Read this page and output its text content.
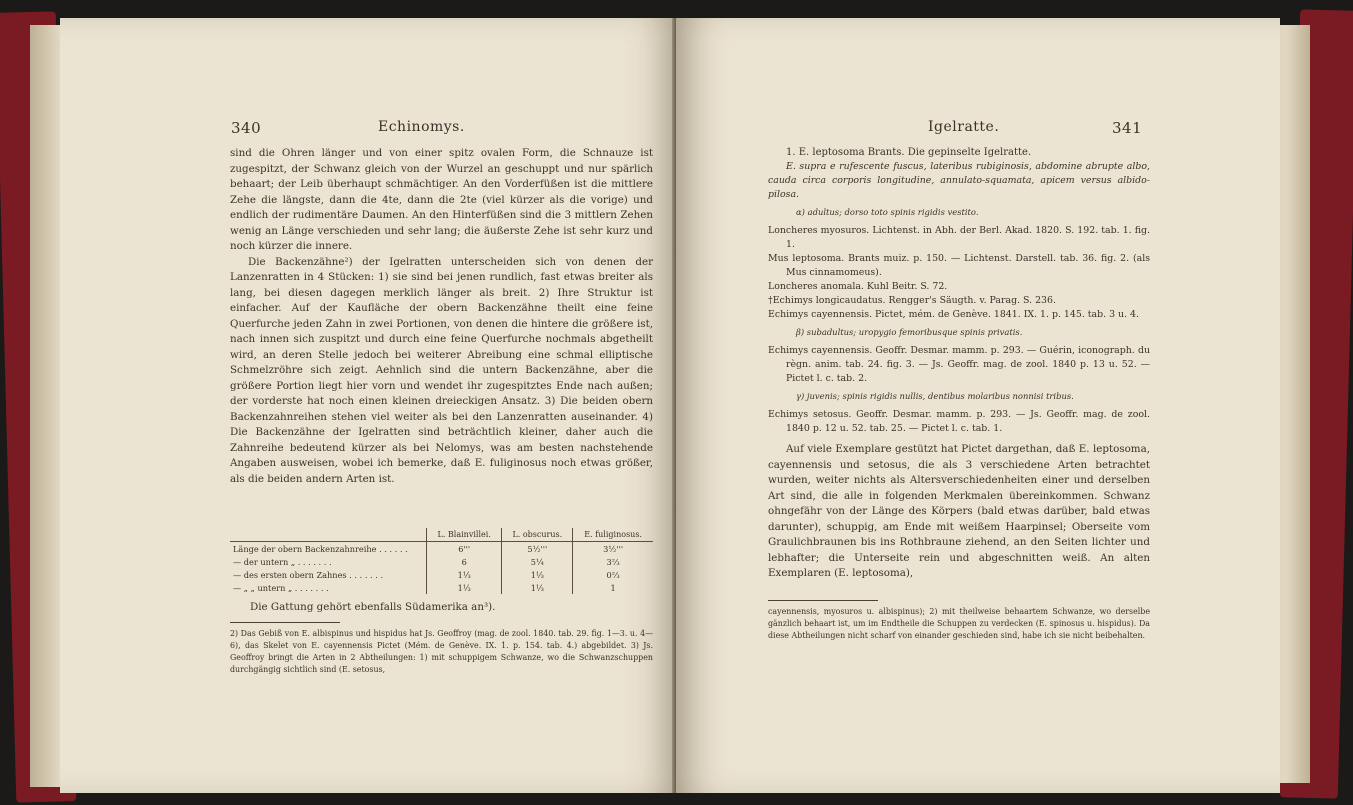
340	Echinomys.

sind die Ohren länger und von einer spitz ovalen Form, die Schnauze ist zugespitzt, der Schwanz gleich von der Wurzel an geschuppt und nur spärlich behaart; der Leib überhaupt schmächtiger. An den Vorderfüßen ist die mittlere Zehe die längste, dann die 4te, dann die 2te (viel kürzer als die vorige) und endlich der rudimentäre Daumen. An den Hinterfüßen sind die 3 mittlern Zehen wenig an Länge verschieden und sehr lang; die äußerste Zehe ist sehr kurz und noch kürzer die innere.

Die Backenzähne²) der Igelratten unterscheiden sich von denen der Lanzenratten in 4 Stücken: 1) sie sind bei jenen rundlich, fast etwas breiter als lang, bei diesen dagegen merklich länger als breit. 2) Ihre Struktur ist einfacher. Auf der Kaufläche der obern Backenzähne theilt eine feine Querfurche jeden Zahn in zwei Portionen, von denen die hintere die größere ist, nach innen sich zuspitzt und durch eine feine Querfurche nochmals abgetheilt wird, an deren Stelle jedoch bei weiterer Abreibung eine schmal elliptische Schmelzröhre sich zeigt. Aehnlich sind die untern Backenzähne, aber die größere Portion liegt hier vorn und wendet ihr zugespitztes Ende nach außen; der vorderste hat noch einen kleinen dreieckigen Ansatz. 3) Die beiden obern Backenzahnreihen stehen viel weiter als bei den Lanzenratten auseinander. 4) Die Backenzähne der Igelratten sind beträchtlich kleiner, daher auch die Zahnreihe bedeutend kürzer als bei Nelomys, was am besten nachstehende Angaben ausweisen, wobei ich bemerke, daß E. fuliginosus noch etwas größer, als die beiden andern Arten ist.

	L. Blainvillei.	L. obscurus.	E. fuliginosus.
Länge der obern Backenzahnreihe . . . . . .	6'''	5½'''	3½'''
— der untern „ . . . . . . .	6	5¼	3⅔
— des ersten obern Zahnes . . . . . . .	1⅓	1⅓	0⅔
— „ „ untern „ . . . . . . .	1⅓	1⅓	1
Die Gattung gehört ebenfalls Südamerika an³).

2) Das Gebiß von E. albispinus und hispidus hat Js. Geoffroy (mag. de zool. 1840. tab. 29. fig. 1—3. u. 4—6), das Skelet von E. cayennensis Pictet (Mém. de Genève. IX. 1. p. 154. tab. 4.) abgebildet. 3) Js. Geoffroy bringt die Arten in 2 Abtheilungen: 1) mit schuppigem Schwanze, wo die Schwanzschuppen durchgängig sichtlich sind (E. setosus,

Igelratte.	341

1. E. leptosoma Brants. Die gepinselte Igelratte.

E. supra e rufescente fuscus, lateribus rubiginosis, abdomine abrupte albo, cauda circa corporis longitudine, annulato-squamata, apicem versus albido-pilosa.

α) adultus; dorso toto spinis rigidis vestito.

Loncheres myosuros. Lichtenst. in Abh. der Berl. Akad. 1820. S. 192. tab. 1. fig. 1.

Mus leptosoma. Brants muiz. p. 150. — Lichtenst. Darstell. tab. 36. fig. 2. (als Mus cinnamomeus).

Loncheres anomala. Kuhl Beitr. S. 72.

†Echimys longicaudatus. Rengger's Säugth. v. Parag. S. 236.

Echimys cayennensis. Pictet, mém. de Genève. 1841. IX. 1. p. 145. tab. 3 u. 4.

β) subadultus; uropygio femoribusque spinis privatis.

Echimys cayennensis. Geoffr. Desmar. mamm. p. 293. — Guérin, iconograph. du règn. anim. tab. 24. fig. 3. — Js. Geoffr. mag. de zool. 1840 p. 13 u. 52. — Pictet l. c. tab. 2.

γ) juvenis; spinis rigidis nullis, dentibus molaribus nonnisi tribus.

Echimys setosus. Geoffr. Desmar. mamm. p. 293. — Js. Geoffr. mag. de zool. 1840 p. 12 u. 52. tab. 25. — Pictet l. c. tab. 1.

Auf viele Exemplare gestützt hat Pictet dargethan, daß E. leptosoma, cayennensis und setosus, die als 3 verschiedene Arten betrachtet wurden, weiter nichts als Altersverschiedenheiten einer und derselben Art sind, die alle in folgenden Merkmalen übereinkommen. Schwanz ohngefähr von der Länge des Körpers (bald etwas darüber, bald etwas darunter), schuppig, am Ende mit weißem Haarpinsel; Oberseite vom Graulichbraunen bis ins Rothbraune ziehend, an den Seiten lichter und lebhafter; die Unterseite rein und abgeschnitten weiß. An alten Exemplaren (E. leptosoma),

cayennensis, myosuros u. albispinus); 2) mit theilweise behaartem Schwanze, wo derselbe gänzlich behaart ist, um im Endtheile die Schuppen zu verdecken (E. spinosus u. hispidus). Da diese Abtheilungen nicht scharf von einander geschieden sind, habe ich sie nicht beibehalten.
